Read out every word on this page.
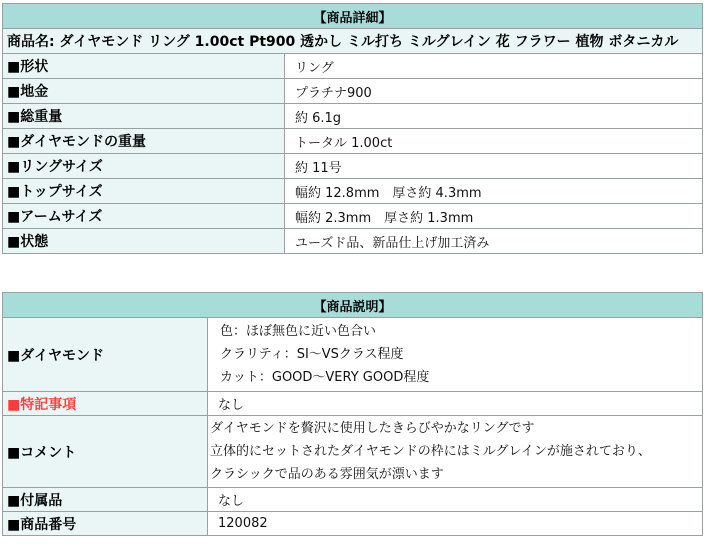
【商品詳細】	
商品名: ダイヤモンド リング 1.00ct Pt900 透かし ミル打ち ミルグレイン 花 フラワー 植物 ボタニカル	
■形状	リング
■地金	プラチナ900
■総重量	約 6.1g
■ダイヤモンドの重量	トータル 1.00ct
■リングサイズ	約 11号
■トップサイズ	幅約 12.8mm　厚さ約 4.3mm
■アームサイズ	幅約 2.3mm　厚さ約 1.3mm
■状態	ユーズド品、新品仕上げ加工済み
【商品説明】	
■ダイヤモンド	色：ほぼ無色に近い色合い
クラリティ：SI～VSクラス程度
カット：GOOD～VERY GOOD程度

■特記事項	なし
■コメント	ダイヤモンドを贅沢に使用したきらびやかなリングです
立体的にセットされたダイヤモンドの枠にはミルグレインが施されており、
クラシックで品のある雰囲気が漂います

■付属品	なし
■商品番号	120082
